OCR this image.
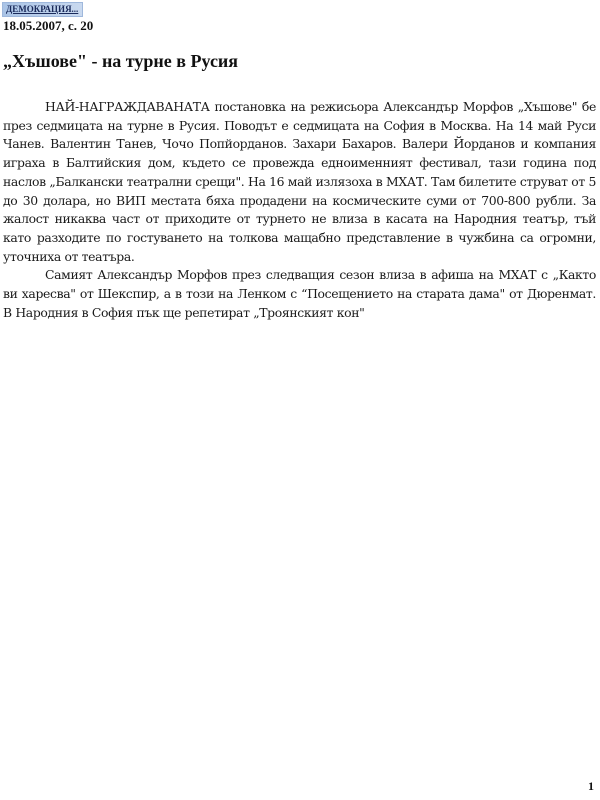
ДЕМОКРАЦИЯ...
18.05.2007, с. 20
„Хъшове" - на турне в Русия

НАЙ-НАГРАЖДАВАНАТА постановка на режисьора Александър Морфов „Хъшове" бе през седмицата на турне в Русия. Поводът е седмицата на София в Москва. На 14 май Руси Чанев. Валентин Танев, Чочо Попйорданов. Захари Бахаров. Валери Йорданов и компания играха в Балтийския дом, където се провежда едноименният фестивал, тази година под наслов „Балкански театрални срещи". На 16 май излязоха в МХАТ. Там билетите струват от 5 до 30 долара, но ВИП местата бяха продадени на космическите суми от 700-800 рубли. За жалост никаква част от приходите от турнето не влиза в касата на Народния театър, тъй като разходите по гостуването на толкова мащабно представление в чужбина са огромни, уточниха от театъра.

Самият Александър Морфов през следващия сезон влиза в афиша на МХАТ с „Както ви харесва" от Шекспир, а в този на Ленком с “Посещението на старата дама" от Дюренмат. В Народния в София пък ще репетират „Троянският кон"

1
